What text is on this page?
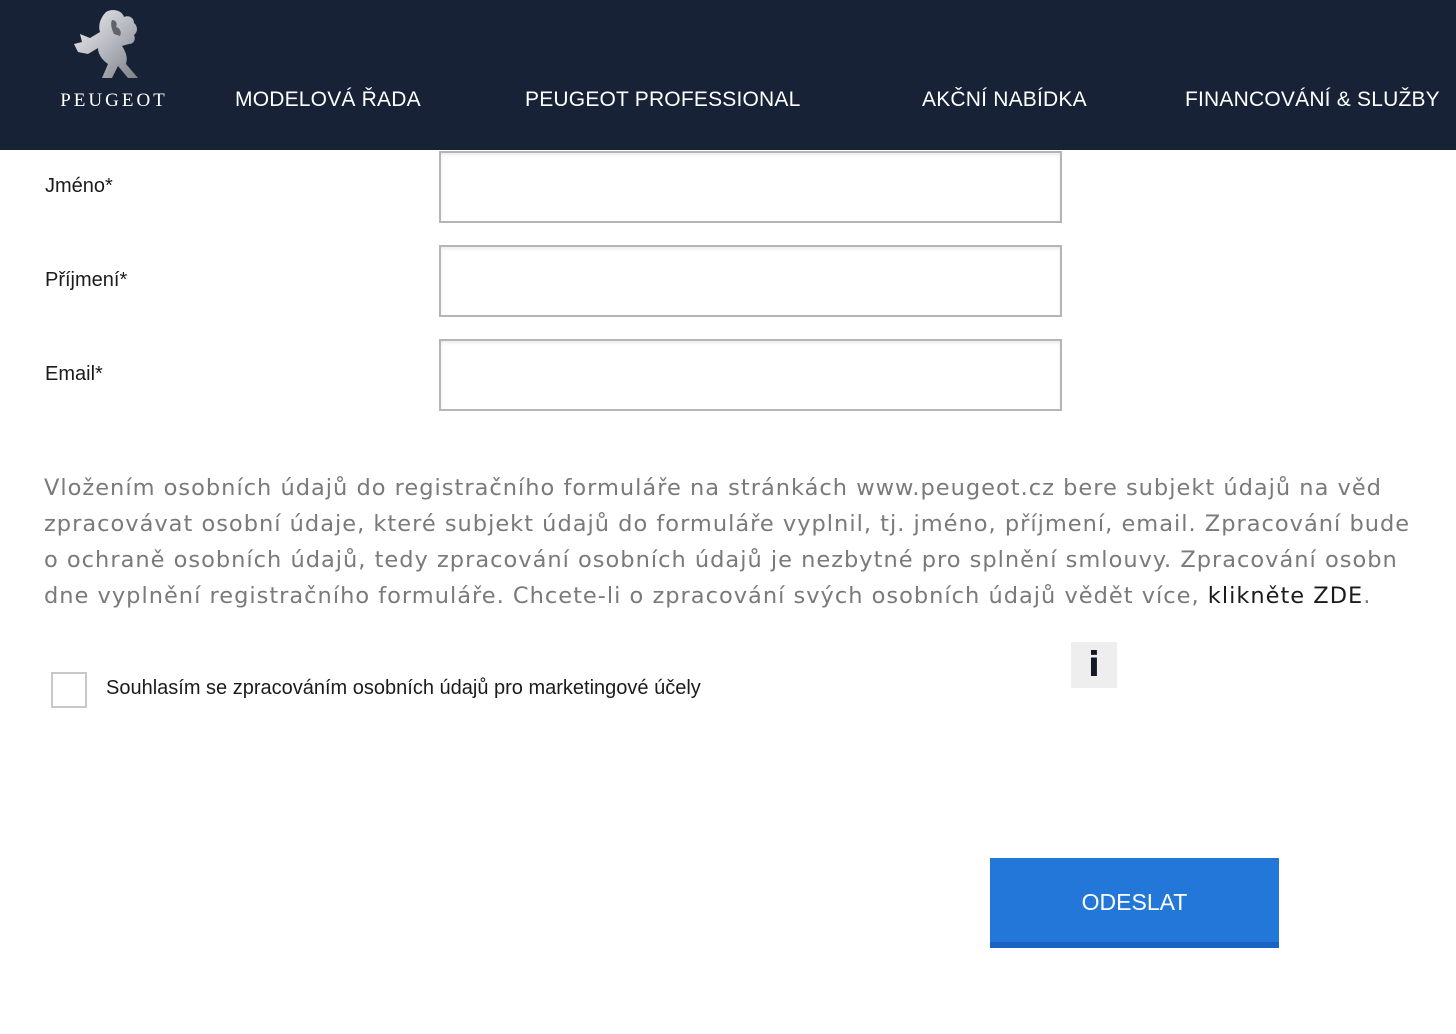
PEUGEOT	MODELOVÁ ŘADA	PEUGEOT PROFESSIONAL	AKČNÍ NABÍDKA	FINANCOVÁNÍ & SLUŽBY
Jméno*
Příjmení*
Email*
Vložením osobních údajů do registračního formuláře na stránkách www.peugeot.cz bere subjekt údajů na věd
zpracovávat osobní údaje, které subjekt údajů do formuláře vyplnil, tj. jméno, příjmení, email. Zpracování bude
o ochraně osobních údajů, tedy zpracování osobních údajů je nezbytné pro splnění smlouvy. Zpracování osobn
dne vyplnění registračního formuláře. Chcete-li o zpracování svých osobních údajů vědět více, klikněte ZDE.
Souhlasím se zpracováním osobních údajů pro marketingové účely
i
ODESLAT
